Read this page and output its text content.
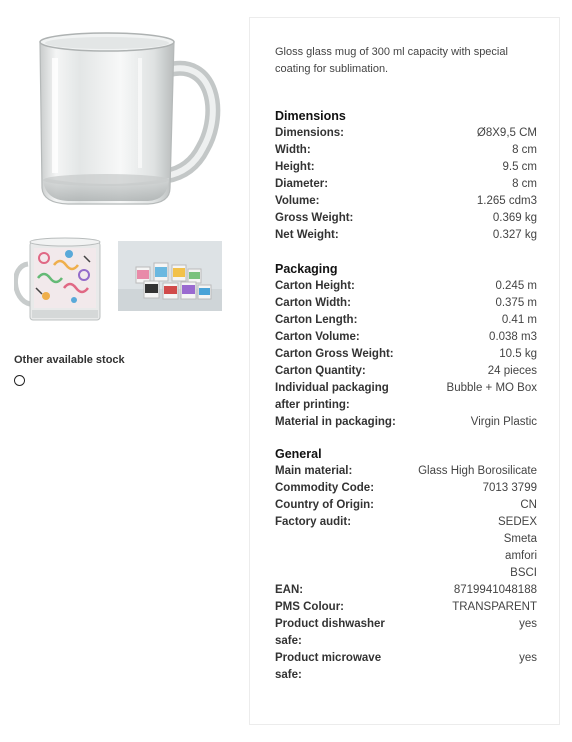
Other available stock
Gloss glass mug of 300 ml capacity with special coating for sublimation.
Dimensions
Dimensions:	Ø8X9,5 CM
Width:	8 cm
Height:	9.5 cm
Diameter:	8 cm
Volume:	1.265 cdm3
Gross Weight:	0.369 kg
Net Weight:	0.327 kg
Packaging
Carton Height:	0.245 m
Carton Width:	0.375 m
Carton Length:	0.41 m
Carton Volume:	0.038 m3
Carton Gross Weight:	10.5 kg
Carton Quantity:	24 pieces
Individual packaging after printing:
Bubble + MO Box
Material in packaging:	Virgin Plastic
General
Main material:	Glass High Borosilicate
Commodity Code:	7013 3799
Country of Origin:	CN
Factory audit:	SEDEX Smeta amfori BSCI
EAN:	8719941048188
PMS Colour:	TRANSPARENT
Product dishwasher safe:
yes
Product microwave safe:
yes
